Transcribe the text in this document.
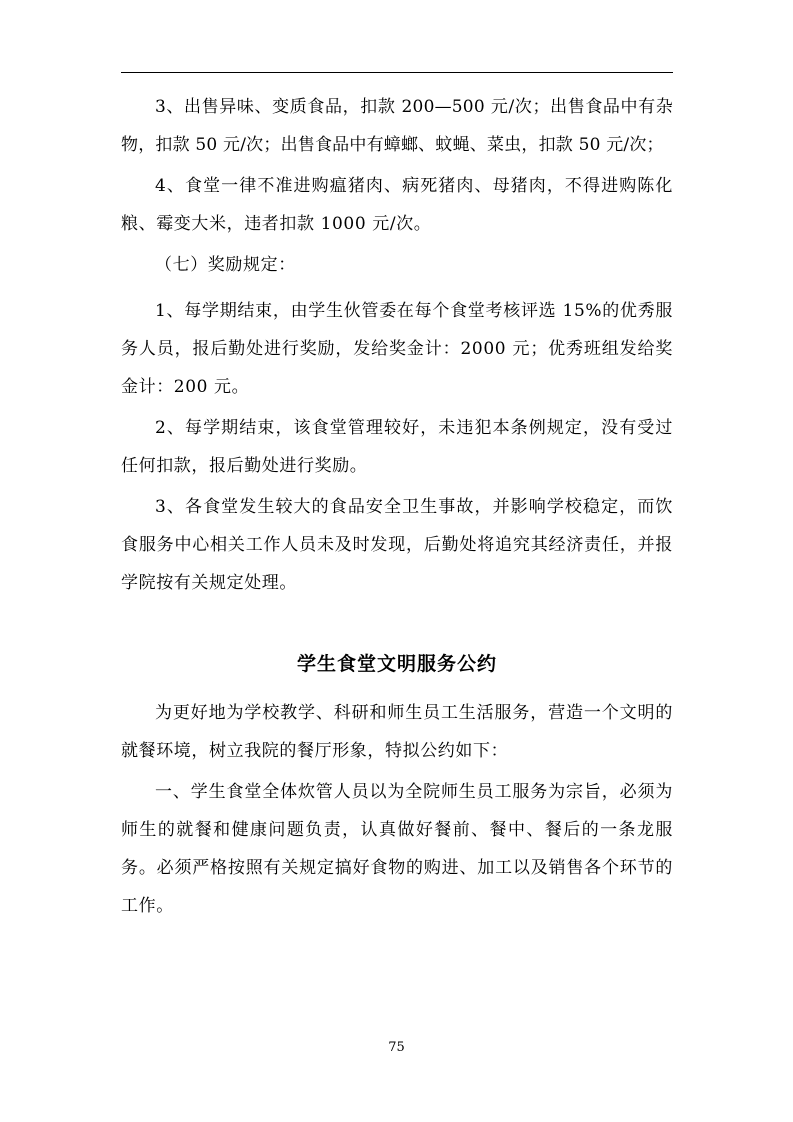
3、出售异味、变质食品，扣款 200—500 元/次；出售食品中有杂物，扣款 50 元/次；出售食品中有蟑螂、蚊蝇、菜虫，扣款 50 元/次；

4、食堂一律不准进购瘟猪肉、病死猪肉、母猪肉，不得进购陈化粮、霉变大米，违者扣款 1000 元/次。

（七）奖励规定：

1、每学期结束，由学生伙管委在每个食堂考核评选 15%的优秀服务人员，报后勤处进行奖励，发给奖金计：2000 元；优秀班组发给奖金计：200 元。

2、每学期结束，该食堂管理较好，未违犯本条例规定，没有受过任何扣款，报后勤处进行奖励。

3、各食堂发生较大的食品安全卫生事故，并影响学校稳定，而饮食服务中心相关工作人员未及时发现，后勤处将追究其经济责任，并报学院按有关规定处理。

学生食堂文明服务公约

为更好地为学校教学、科研和师生员工生活服务，营造一个文明的就餐环境，树立我院的餐厅形象，特拟公约如下：

一、学生食堂全体炊管人员以为全院师生员工服务为宗旨，必须为师生的就餐和健康问题负责，认真做好餐前、餐中、餐后的一条龙服务。必须严格按照有关规定搞好食物的购进、加工以及销售各个环节的工作。

75
